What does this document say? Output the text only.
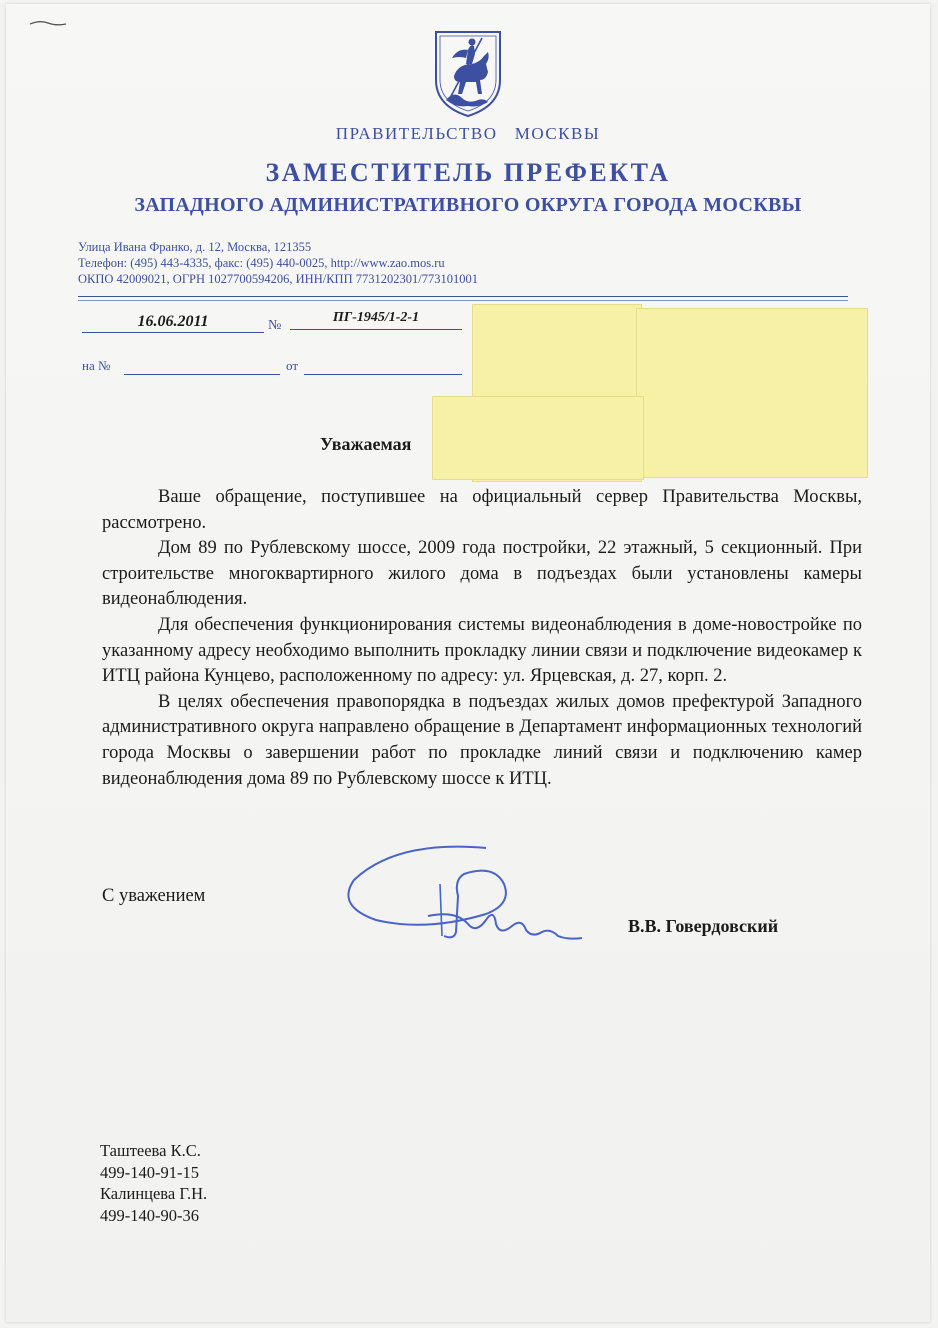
ПРАВИТЕЛЬСТВО   МОСКВЫ
ЗАМЕСТИТЕЛЬ ПРЕФЕКТА
ЗАПАДНОГО АДМИНИСТРАТИВНОГО ОКРУГА ГОРОДА МОСКВЫ
Улица Ивана Франко, д. 12, Москва, 121355
Телефон: (495) 443-4335, факс: (495) 440-0025, http://www.zao.mos.ru
ОКПО 42009021, ОГРН 1027700594206, ИНН/КПП 7731202301/773101001
16.06.2011	№
ПГ-1945/1-2-1
на №	от
Уважаемая

Ваше обращение, поступившее на официальный сервер Правительства Москвы, рассмотрено.

Дом 89 по Рублевскому шоссе, 2009 года постройки, 22 этажный, 5 секционный. При строительстве многоквартирного жилого дома в подъездах были установлены камеры видеонаблюдения.

Для обеспечения функционирования системы видеонаблюдения в доме-новостройке по указанному адресу необходимо выполнить прокладку линии связи и подключение видеокамер к ИТЦ района Кунцево, расположенному по адресу: ул. Ярцевская, д. 27, корп. 2.

В целях обеспечения правопорядка в подъездах жилых домов префектурой Западного административного округа направлено обращение в Департамент информационных технологий города Москвы о завершении работ по прокладке линий связи и подключению камер видеонаблюдения дома 89 по Рублевскому шоссе к ИТЦ.

С уважением
В.В. Говердовский
Таштеева К.С.
499-140-91-15
Калинцева Г.Н.
499-140-90-36
